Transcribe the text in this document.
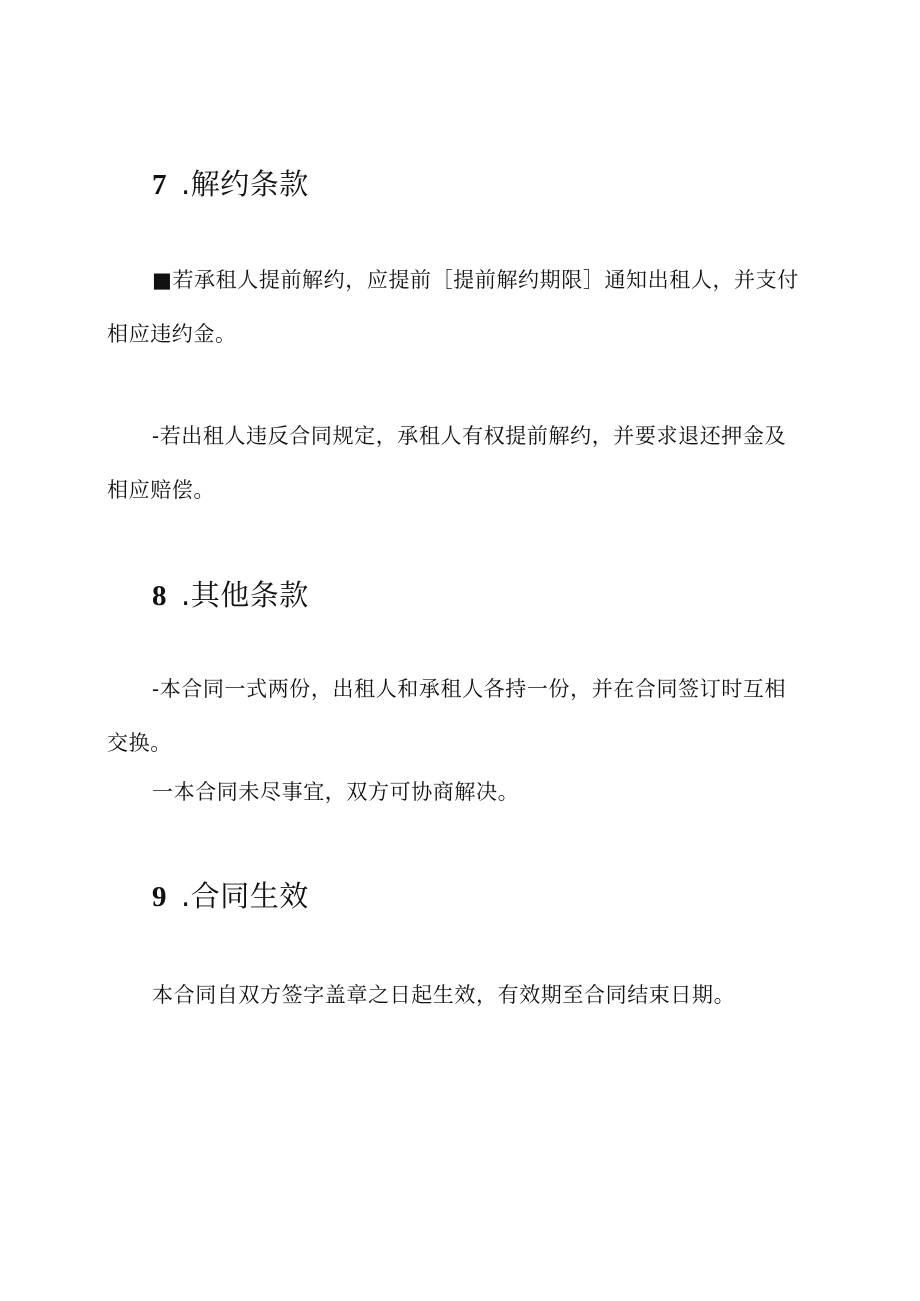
7 .解约条款
■若承租人提前解约，应提前［提前解约期限］通知出租人，并支付相应违约金。
-若出租人违反合同规定，承租人有权提前解约，并要求退还押金及相应赔偿。
8 .其他条款
-本合同一式两份，出租人和承租人各持一份，并在合同签订时互相交换。
一本合同未尽事宜，双方可协商解决。
9 .合同生效
本合同自双方签字盖章之日起生效，有效期至合同结束日期。
